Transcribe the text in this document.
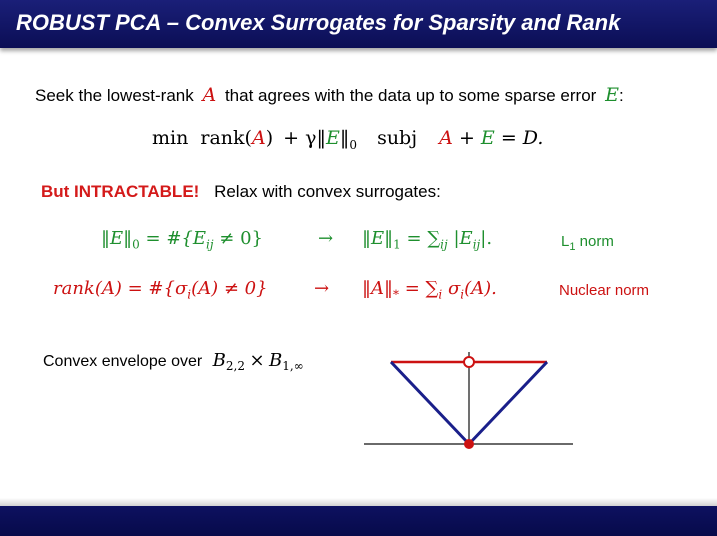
ROBUST PCA – Convex Surrogates for Sparsity and Rank
Seek the lowest-rank A that agrees with the data up to some sparse error E:
min rank(A) + $\gamma‖E‖_0$ subj A + E = D.
But INTRACTABLE! Relax with convex surrogates:
$‖E‖_0$ = $\#\{E_{ij} \ne 0\}$	→ $‖E‖_1 = \sum_{ij}$ $|E_{ij}|$.	$L_1$ norm
rank(A) = $\#\{\sigma_i(A) \ne 0\}$	→ $‖A‖_* = \sum_i$ $\sigma_i(A)$.	Nuclear norm
Convex envelope over $B_{2,2} \times B_{1,\infty}$
